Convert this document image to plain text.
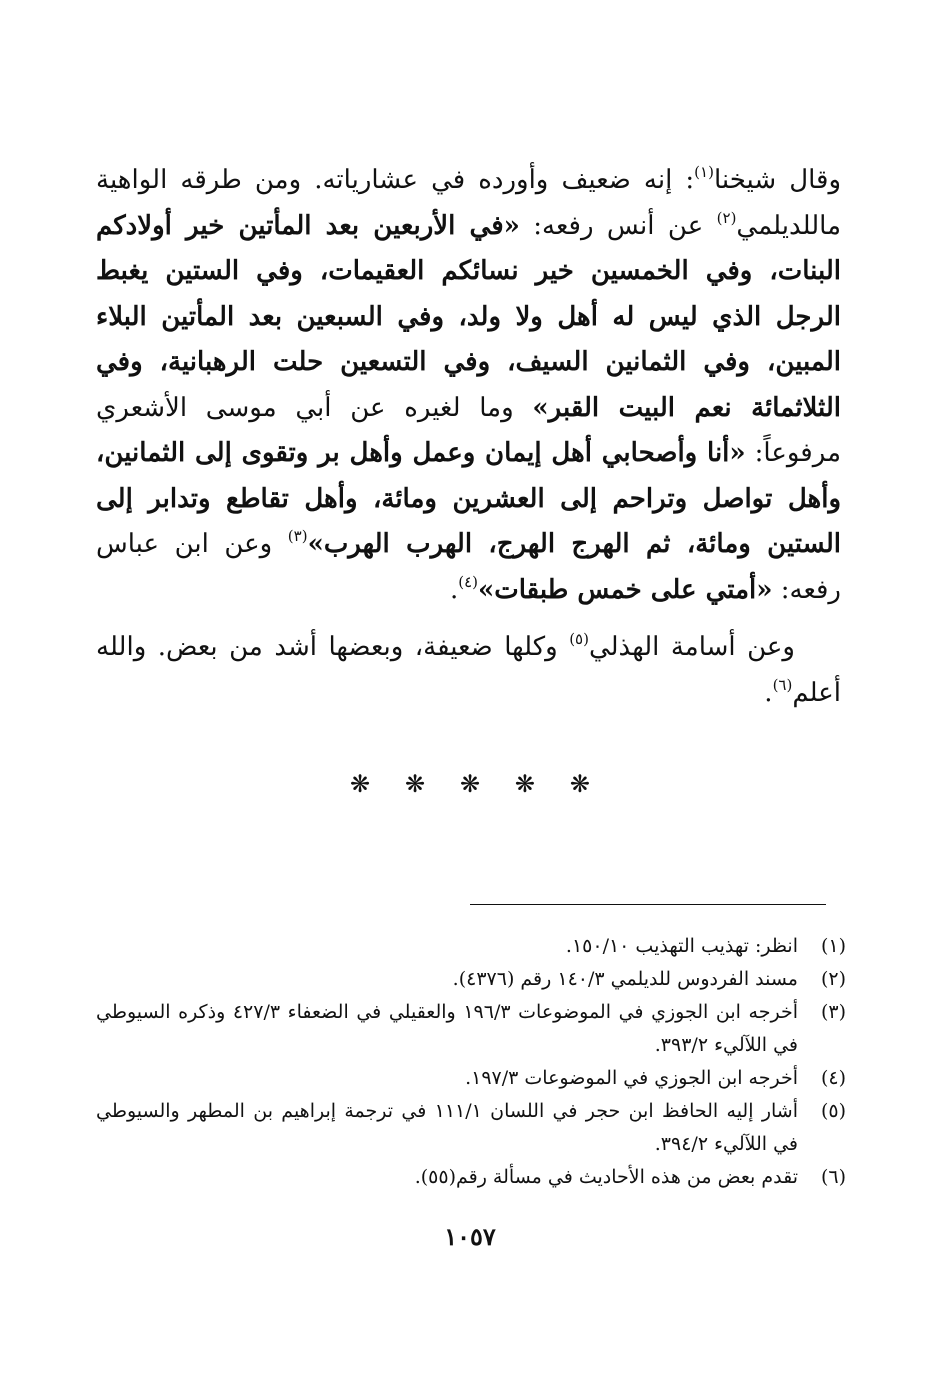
وقال شيخنا$^{(١)}$: إنه ضعيف وأورده في عشارياته. ومن طرقه الواهية ماللديلمي$^{(٢)}$ عن أنس رفعه: «في الأربعين بعد المأتين خير أولادكم البنات، وفي الخمسين خير نسائكم العقيمات، وفي الستين يغبط الرجل الذي ليس له أهل ولا ولد، وفي السبعين بعد المأتين البلاء المبين، وفي الثمانين السيف، وفي التسعين حلت الرهبانية، وفي الثلاثمائة نعم البيت القبر» وما لغيره عن أبي موسى الأشعري مرفوعاً: «أنا وأصحابي أهل إيمان وعمل وأهل بر وتقوى إلى الثمانين، وأهل تواصل وتراحم إلى العشرين ومائة، وأهل تقاطع وتدابر إلى الستين ومائة، ثم الهرج الهرج، الهرب الهرب»$^{(٣)}$ وعن ابن عباس رفعه: «أمتي على خمس طبقات»$^{(٤)}$.

وعن أسامة الهذلي$^{(٥)}$ وكلها ضعيفة، وبعضها أشد من بعض. والله أعلم$^{(٦)}$.

❋ ❋ ❋ ❋ ❋
(١)
انظر: تهذيب التهذيب ١٥٠/١٠.
(٢)
مسند الفردوس للديلمي ١٤٠/٣ رقم (٤٣٧٦).
(٣)
أخرجه ابن الجوزي في الموضوعات ١٩٦/٣ والعقيلي في الضعفاء ٤٢٧/٣ وذكره السيوطي في اللآليء ٣٩٣/٢.
(٤)
أخرجه ابن الجوزي في الموضوعات ١٩٧/٣.
(٥)
أشار إليه الحافظ ابن حجر في اللسان ١١١/١ في ترجمة إبراهيم بن المطهر والسيوطي في اللآليء ٣٩٤/٢.
(٦)
تقدم بعض من هذه الأحاديث في مسألة رقم(٥٥).
١٠٥٧
